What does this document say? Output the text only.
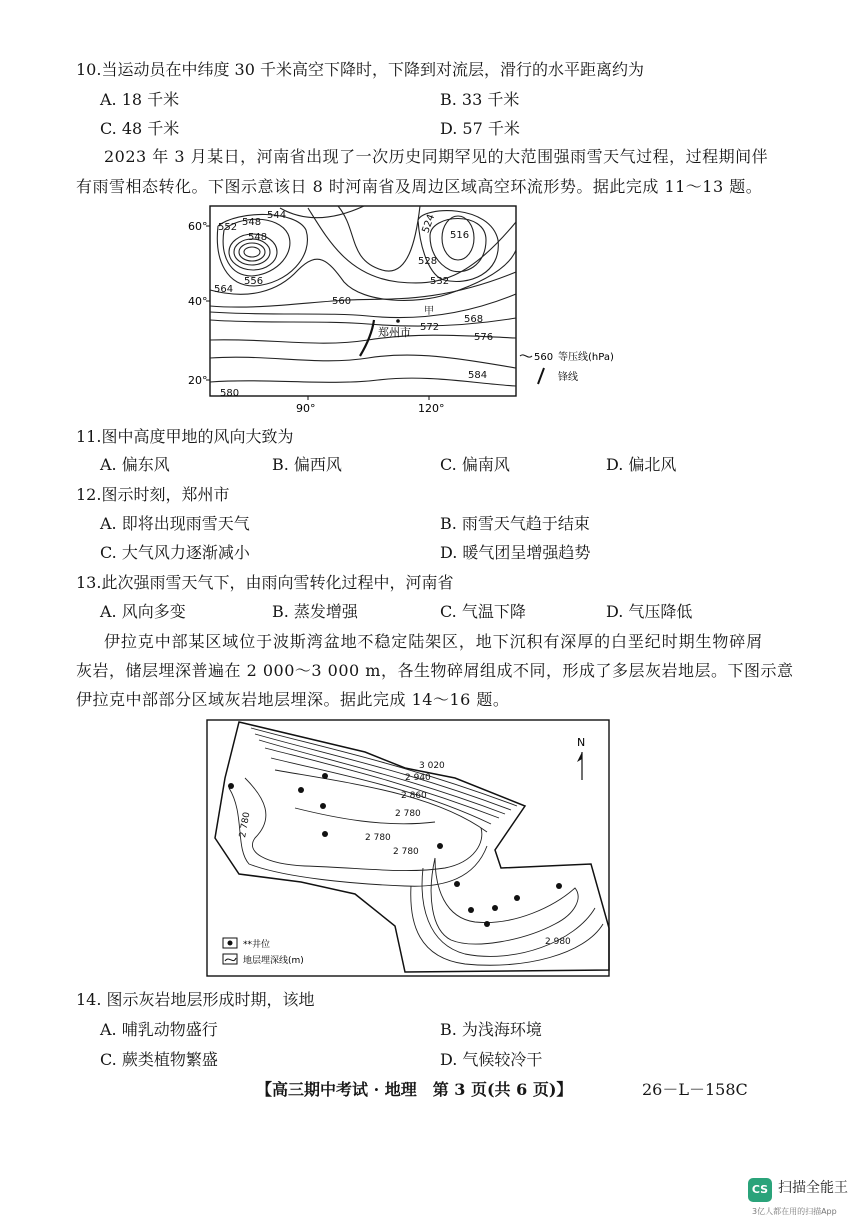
10.当运动员在中纬度 30 千米高空下降时，下降到对流层，滑行的水平距离约为
A. 18 千米	B. 33 千米
C. 48 千米	D. 57 千米
2023 年 3 月某日，河南省出现了一次历史同期罕见的大范围强雨雪天气过程，过程期间伴
有雨雪相态转化。下图示意该日 8 时河南省及周边区域高空环流形势。据此完成 11～13 题。
60°
40°
20°
90°	120°
552 548
544
548
556
564
560
524
516
528
532
甲
568
572
576
580
584
郑州市
560 等压线(hPa)
锋线
11.图中高度甲地的风向大致为
A. 偏东风	B. 偏西风	C. 偏南风	D. 偏北风
12.图示时刻，郑州市
A. 即将出现雨雪天气	B. 雨雪天气趋于结束
C. 大气风力逐渐减小	D. 暖气团呈增强趋势
13.此次强雨雪天气下，由雨向雪转化过程中，河南省
A. 风向多变	B. 蒸发增强	C. 气温下降	D. 气压降低
伊拉克中部某区域位于波斯湾盆地不稳定陆架区，地下沉积有深厚的白垩纪时期生物碎屑
灰岩，储层埋深普遍在 2 000～3 000 m，各生物碎屑组成不同，形成了多层灰岩地层。下图示意
伊拉克中部部分区域灰岩地层埋深。据此完成 14～16 题。
3 020
2 940
2 860
2 780
2 780	2 780
2 780
2 980
N
**井位
地层埋深线(m)
14. 图示灰岩地层形成时期，该地
A. 哺乳动物盛行	B. 为浅海环境
C. 蕨类植物繁盛	D. 气候较冷干
【高三期中考试 · 地理　第 3 页(共 6 页)】	26－L－158C
CS 扫描全能王
3亿人都在用的扫描App
